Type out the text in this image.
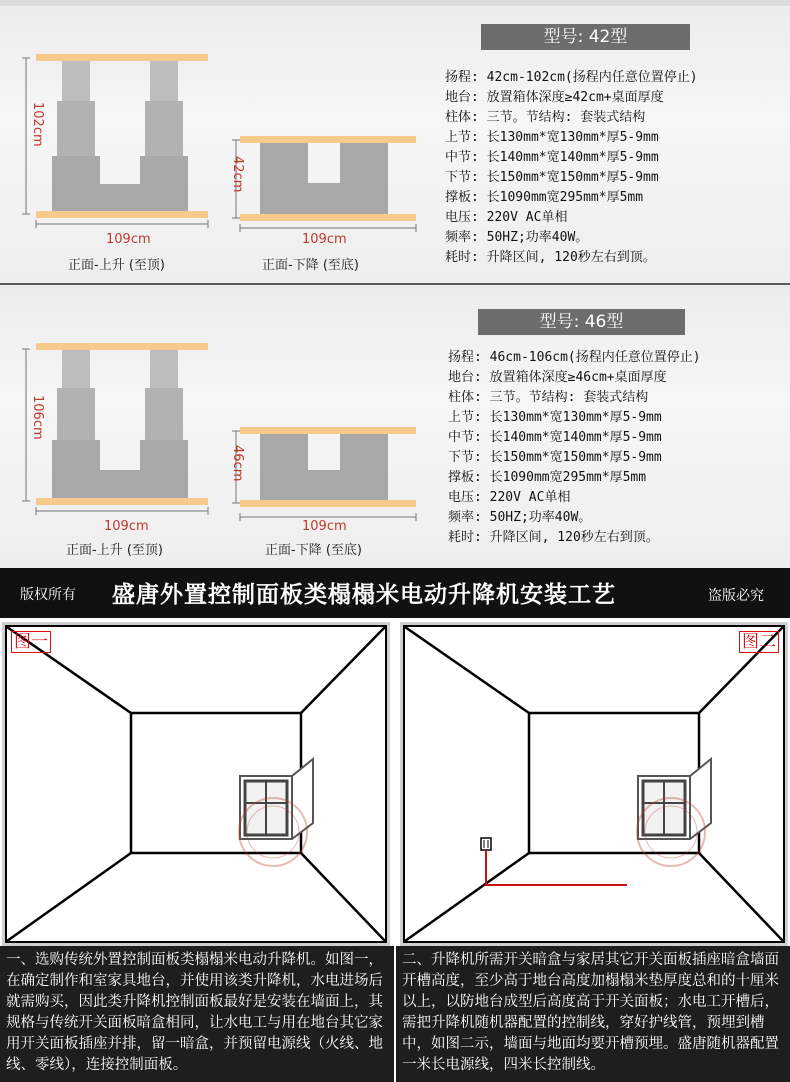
102cm
109cm
正面-上升 (至顶)
42cm
109cm
正面-下降 (至底)
型号: 42型
扬程: 42cm-102cm(扬程内任意位置停止)
地台: 放置箱体深度≥42cm+桌面厚度
柱体: 三节。节结构: 套装式结构
上节: 长130mm*宽130mm*厚5-9mm
中节: 长140mm*宽140mm*厚5-9mm
下节: 长150mm*宽150mm*厚5-9mm
撑板: 长1090mm宽295mm*厚5mm
电压: 220V AC单相
频率: 50HZ;功率40W。
耗时: 升降区间, 120秒左右到顶。
106cm
109cm
正面-上升 (至顶)
46cm
109cm
正面-下降 (至底)
型号: 46型
扬程: 46cm-106cm(扬程内任意位置停止)
地台: 放置箱体深度≥46cm+桌面厚度
柱体: 三节。节结构: 套装式结构
上节: 长130mm*宽130mm*厚5-9mm
中节: 长140mm*宽140mm*厚5-9mm
下节: 长150mm*宽150mm*厚5-9mm
撑板: 长1090mm宽295mm*厚5mm
电压: 220V AC单相
频率: 50HZ;功率40W。
耗时: 升降区间, 120秒左右到顶。
版权所有 盛唐外置控制面板类榻榻米电动升降机安装工艺	盗版必究
图一	图二
一、选购传统外置控制面板类榻榻米电动升降机。如图一，在确定制作和室家具地台，并使用该类升降机，水电进场后就需购买，因此类升降机控制面板最好是安装在墙面上，其规格与传统开关面板暗盒相同，让水电工与用在地台其它家用开关面板插座并排，留一暗盒，并预留电源线（火线、地线、零线），连接控制面板。
二、升降机所需开关暗盒与家居其它开关面板插座暗盒墙面开槽高度，至少高于地台高度加榻榻米垫厚度总和的十厘米以上，以防地台成型后高度高于开关面板；水电工开槽后，需把升降机随机器配置的控制线，穿好护线管，预埋到槽中，如图二示，墙面与地面均要开槽预埋。盛唐随机器配置一米长电源线，四米长控制线。
